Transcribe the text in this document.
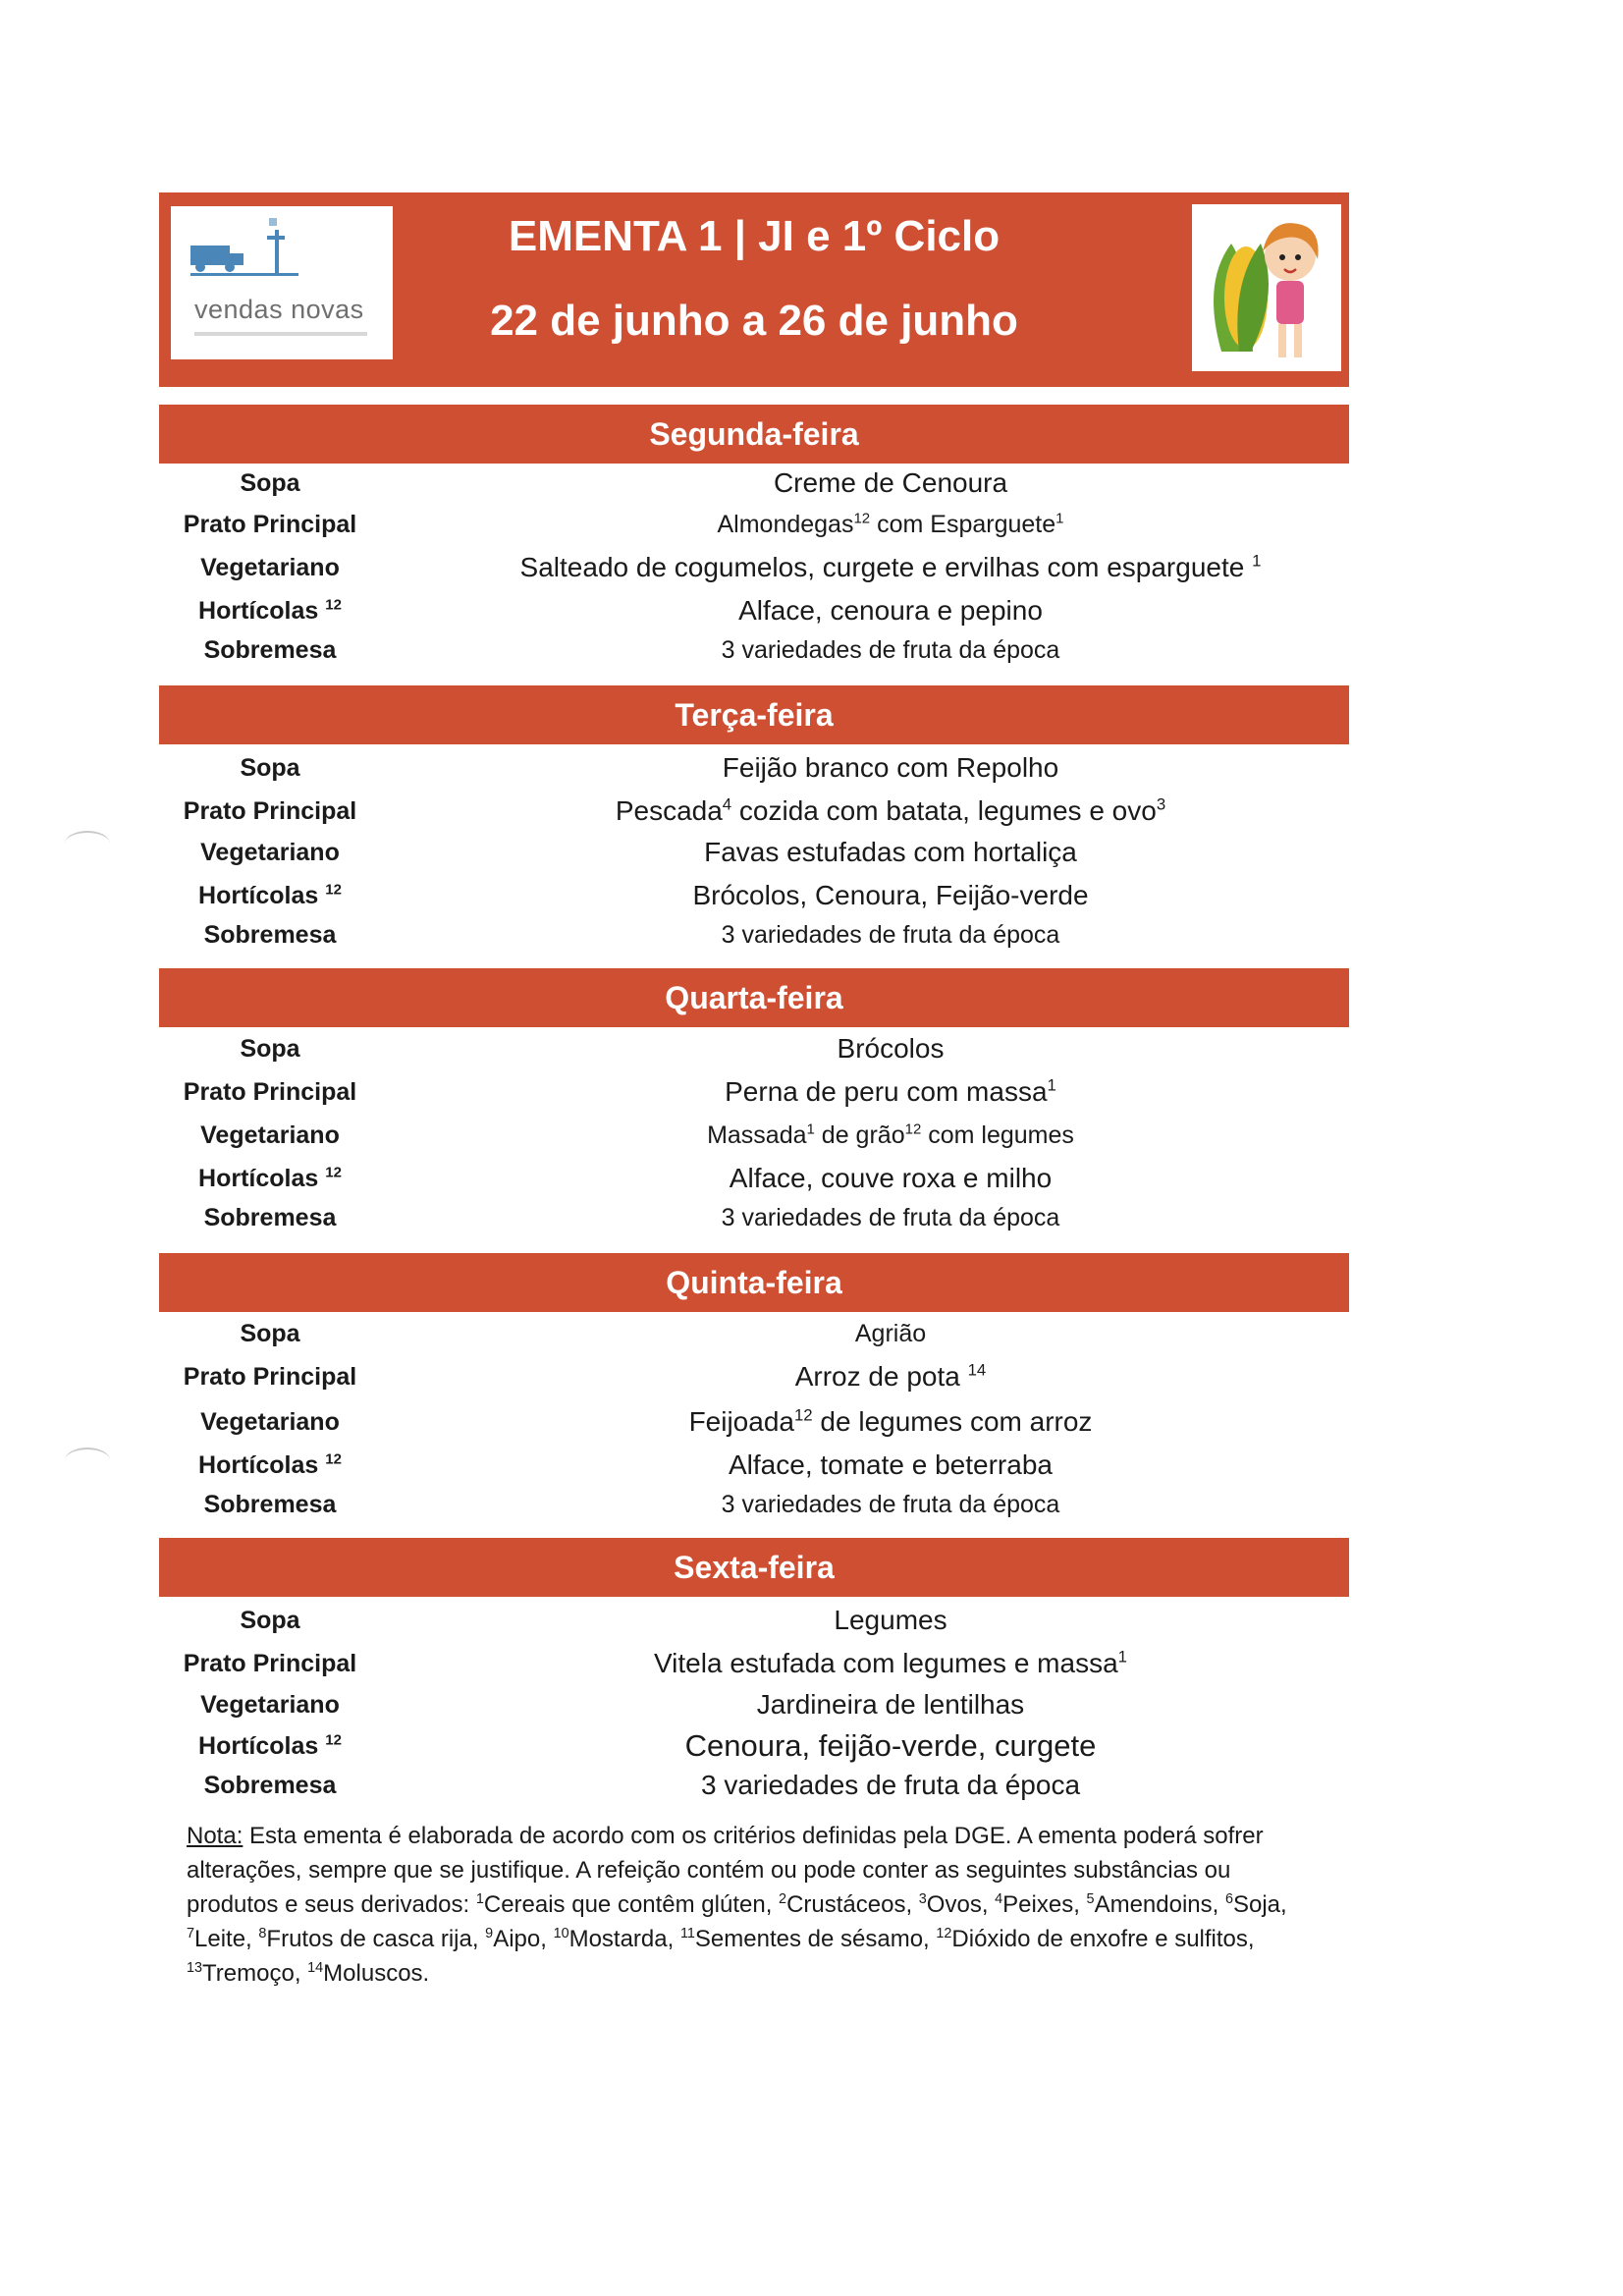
vendas novas
EMENTA 1 | JI e 1º Ciclo
22 de junho a 26 de junho
Segunda-feira
Sopa	Creme de Cenoura
Prato Principal	Almondegas$^{12}$ com Esparguete$^1$
Vegetariano	Salteado de cogumelos, curgete e ervilhas com esparguete $^1$
Hortícolas $^{12}$	Alface, cenoura e pepino
Sobremesa	3 variedades de fruta da época
Terça-feira
Sopa	Feijão branco com Repolho
Prato Principal	Pescada$^4$ cozida com batata, legumes e ovo$^3$
Vegetariano	Favas estufadas com hortaliça
Hortícolas $^{12}$	Brócolos, Cenoura, Feijão-verde
Sobremesa	3 variedades de fruta da época
Quarta-feira
Sopa	Brócolos
Prato Principal	Perna de peru com massa$^1$
Vegetariano	Massada$^1$ de grão$^{12}$ com legumes
Hortícolas $^{12}$	Alface, couve roxa e milho
Sobremesa	3 variedades de fruta da época
Quinta-feira
Sopa	Agrião
Prato Principal	Arroz de pota $^{14}$
Vegetariano	Feijoada$^{12}$ de legumes com arroz
Hortícolas $^{12}$	Alface, tomate e beterraba
Sobremesa	3 variedades de fruta da época
Sexta-feira
Sopa	Legumes
Prato Principal	Vitela estufada com legumes e massa$^1$
Vegetariano	Jardineira de lentilhas
Hortícolas $^{12}$	Cenoura, feijão-verde, curgete
Sobremesa	3 variedades de fruta da época
Nota: Esta ementa é elaborada de acordo com os critérios definidas pela DGE. A ementa poderá sofrer alterações, sempre que se justifique. A refeição contém ou pode conter as seguintes substâncias ou produtos e seus derivados: $^1$Cereais que contêm glúten, $^2$Crustáceos, $^3$Ovos, $^4$Peixes, $^5$Amendoins, $^6$Soja, $^7$Leite, $^8$Frutos de casca rija, $^9$Aipo, $^{10}$Mostarda, $^{11}$Sementes de sésamo, $^{12}$Dióxido de enxofre e sulfitos, $^{13}$Tremoço, $^{14}$Moluscos.
